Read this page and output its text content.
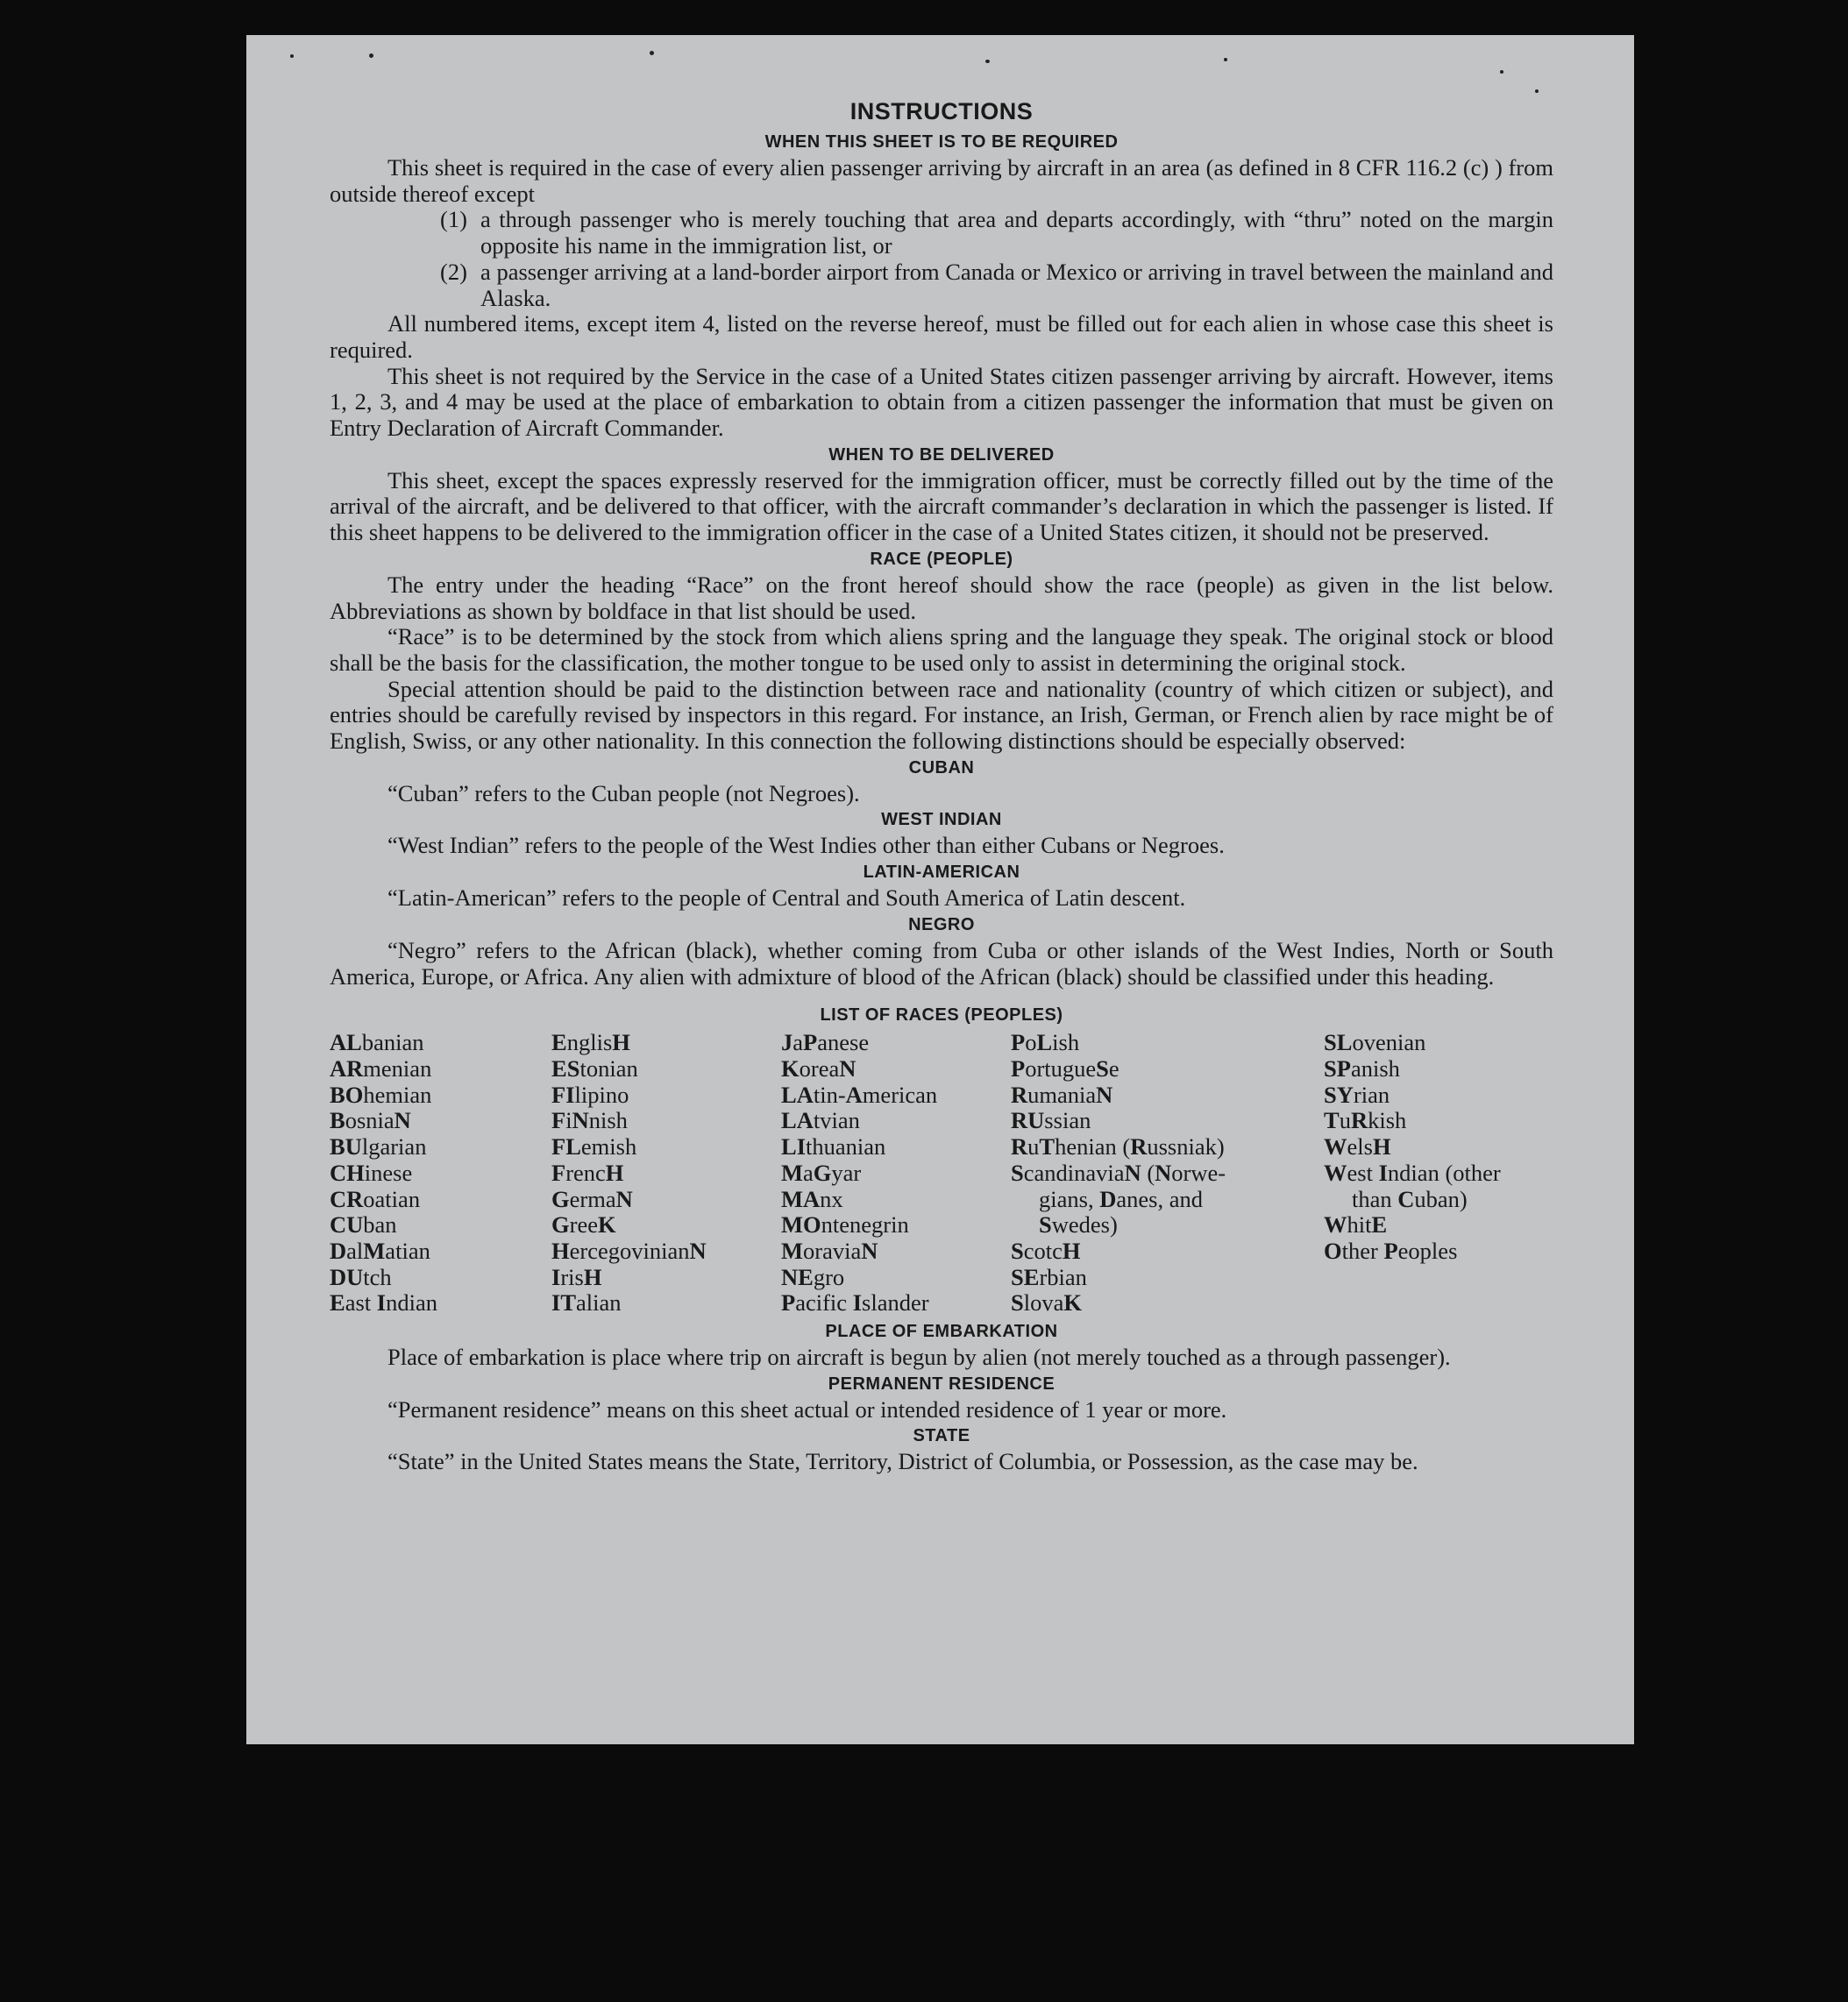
INSTRUCTIONS
WHEN THIS SHEET IS TO BE REQUIRED

This sheet is required in the case of every alien passenger arriving by aircraft in an area (as defined in 8 CFR 116.2 (c) ) from outside thereof except

(1) a through passenger who is merely touching that area and departs accordingly, with “thru” noted on the margin opposite his name in the immigration list, or
(2) a passenger arriving at a land-border airport from Canada or Mexico or arriving in travel between the mainland and Alaska.

All numbered items, except item 4, listed on the reverse hereof, must be filled out for each alien in whose case this sheet is required.

This sheet is not required by the Service in the case of a United States citizen passenger arriving by aircraft. However, items 1, 2, 3, and 4 may be used at the place of embarkation to obtain from a citizen passenger the information that must be given on Entry Declaration of Aircraft Commander.

WHEN TO BE DELIVERED

This sheet, except the spaces expressly reserved for the immigration officer, must be correctly filled out by the time of the arrival of the aircraft, and be delivered to that officer, with the aircraft commander’s declaration in which the passenger is listed. If this sheet happens to be delivered to the immigration officer in the case of a United States citizen, it should not be preserved.

RACE (PEOPLE)

The entry under the heading “Race” on the front hereof should show the race (people) as given in the list below. Abbreviations as shown by boldface in that list should be used.

“Race” is to be determined by the stock from which aliens spring and the language they speak. The original stock or blood shall be the basis for the classification, the mother tongue to be used only to assist in determining the original stock.

Special attention should be paid to the distinction between race and nationality (country of which citizen or subject), and entries should be carefully revised by inspectors in this regard. For instance, an Irish, German, or French alien by race might be of English, Swiss, or any other nationality. In this connection the following distinctions should be especially observed:

CUBAN

“Cuban” refers to the Cuban people (not Negroes).

WEST INDIAN

“West Indian” refers to the people of the West Indies other than either Cubans or Negroes.

LATIN-AMERICAN

“Latin-American” refers to the people of Central and South America of Latin descent.

NEGRO

“Negro” refers to the African (black), whether coming from Cuba or other islands of the West Indies, North or South America, Europe, or Africa. Any alien with admixture of blood of the African (black) should be classified under this heading.

LIST OF RACES (PEOPLES)
ALbanian
ARmenian
BOhemian
BosniaN
BUlgarian
CHinese
CRoatian
CUban
DalMatian
DUtch
East Indian
EnglisH
EStonian
FIlipino
FiNnish
FLemish
FrencH
GermaN
GreeK
HercegovinianN
IrisH
ITalian
JaPanese
KoreaN
LAtin-American
LAtvian
LIthuanian
MaGyar
MAnx
MOntenegrin
MoraviaN
NEgro
Pacific Islander
PoLish
PortugueSe
RumaniaN
RUssian
RuThenian (Russniak)
ScandinaviaN (Norwe-
gians, Danes, and
Swedes)
ScotcH
SErbian
SlovaK
SLovenian
SPanish
SYrian
TuRkish
WelsH
West Indian (other
than Cuban)
WhitE
Other Peoples
PLACE OF EMBARKATION

Place of embarkation is place where trip on aircraft is begun by alien (not merely touched as a through passenger).

PERMANENT RESIDENCE

“Permanent residence” means on this sheet actual or intended residence of 1 year or more.

STATE

“State” in the United States means the State, Territory, District of Columbia, or Possession, as the case may be.
